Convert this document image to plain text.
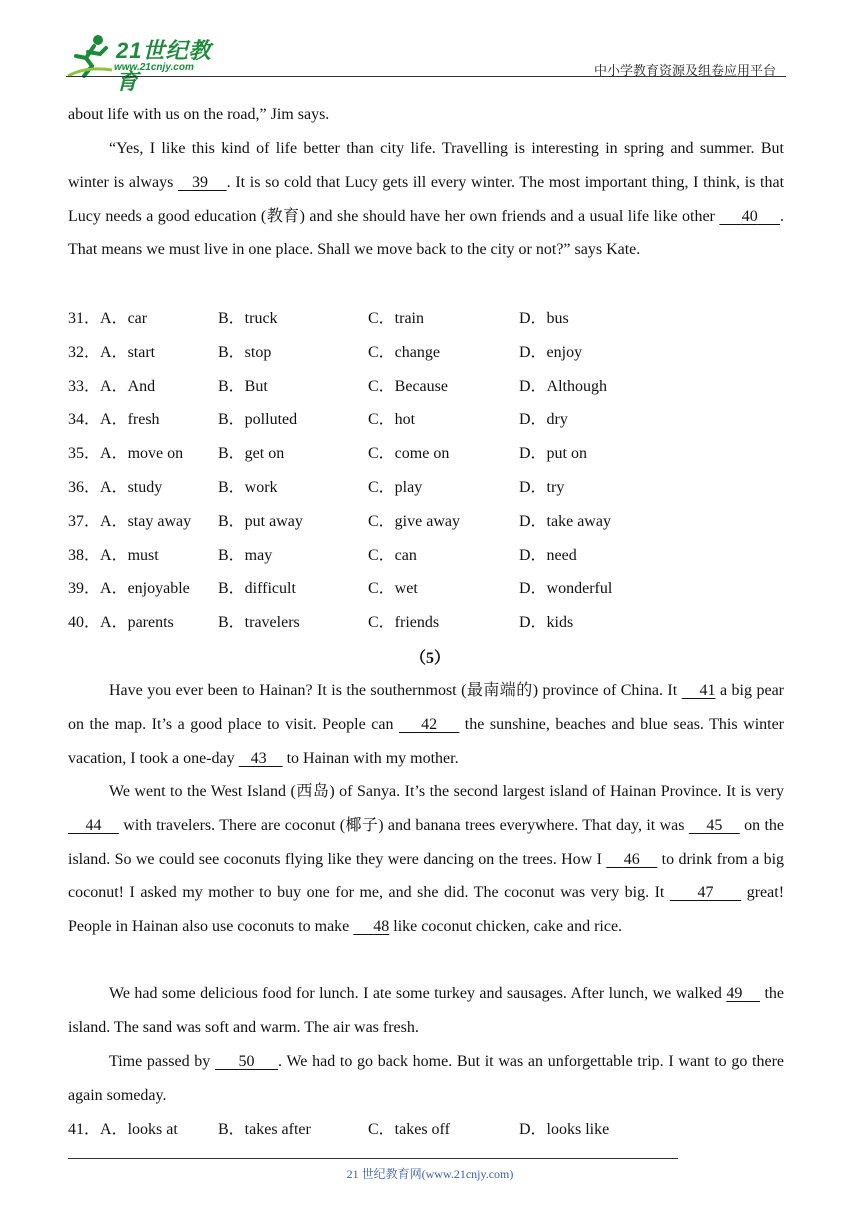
21世纪教育
www.21cnjy.com	中小学教育资源及组卷应用平台
about life with us on the road,” Jim says.
“Yes, I like this kind of life better than city life. Travelling is interesting in spring and summer. But winter is always    39 . It is so cold that Lucy gets ill every winter. The most important thing, I think, is that Lucy needs a good education (教育) and she should have her own friends and a usual life like other      40 . That means we must live in one place. Shall we move back to the city or not?” says Kate.
31．A．car	B．truck	C．train	D．bus
32．A．start	B．stop	C．change	D．enjoy
33．A．And	B．But	C．Because	D．Although
34．A．fresh	B．polluted	C．hot	D．dry
35．A．move on B．get on	C．come on	D．put on
36．A．study	B．work	C．play	D．try
37．A．stay away B．put away	C．give away	D．take away
38．A．must	B．may	C．can	D．need
39．A．enjoyable B．difficult	C．wet	D．wonderful
40．A．parents	B．travelers	C．friends	D．kids
（5）
Have you ever been to Hainan? It is the southernmost (最南端的) province of China. It     41 a big pear on the map. It’s a good place to visit. People can     42     the sunshine, beaches and blue seas. This winter vacation, I took a one-day    43     to Hainan with my mother.
We went to the West Island (西岛) of Sanya. It’s the second largest island of Hainan Province. It is very     44     with travelers. There are coconut (椰子) and banana trees everywhere. That day, it was     45     on the island. So we could see coconuts flying like they were dancing on the trees. How I     46     to drink from a big coconut! I asked my mother to buy one for me, and she did. The coconut was very big. It      47      great! People in Hainan also use coconuts to make      48 like coconut chicken, cake and rice.
We had some delicious food for lunch. I ate some turkey and sausages. After lunch, we walked 49     the island. The sand was soft and warm. The air was fresh.
Time passed by      50 . We had to go back home. But it was an unforgettable trip. I want to go there again someday.
41．A．looks at	B．takes after	C．takes off	D．looks like
21 世纪教育网(www.21cnjy.com)
